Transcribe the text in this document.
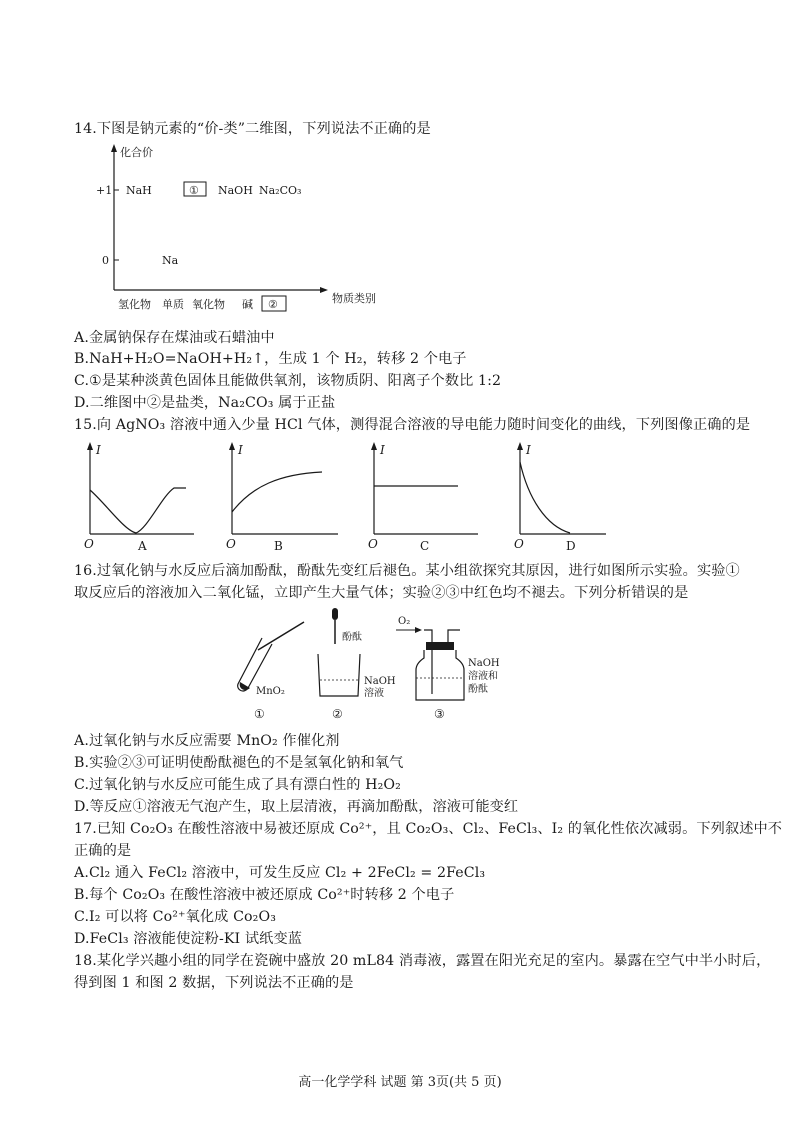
14.下图是钠元素的“价-类”二维图，下列说法不正确的是
化合价
物质类别
+1
0
NaH	① NaOH Na₂CO₃
Na
氢化物 单质 氧化物 碱 ②
A.金属钠保存在煤油或石蜡油中
B.NaH+H₂O=NaOH+H₂↑，生成 1 个 H₂，转移 2 个电子
C.①是某种淡黄色固体且能做供氧剂，该物质阴、阳离子个数比 1:2
D.二维图中②是盐类，Na₂CO₃ 属于正盐
15.向 AgNO₃ 溶液中通入少量 HCl 气体，测得混合溶液的导电能力随时间变化的曲线，下列图像正确的是
I
O	A
I
O	B
I
O	C
I
O	D
16.过氧化钠与水反应后滴加酚酞，酚酞先变红后褪色。某小组欲探究其原因，进行如图所示实验。实验①
取反应后的溶液加入二氧化锰，立即产生大量气体；实验②③中红色均不褪去。下列分析错误的是
MnO₂
①
酚酞
NaOH
溶液
②
O₂
NaOH
溶液和
酚酞
③
A.过氧化钠与水反应需要 MnO₂ 作催化剂
B.实验②③可证明使酚酞褪色的不是氢氧化钠和氧气
C.过氧化钠与水反应可能生成了具有漂白性的 H₂O₂
D.等反应①溶液无气泡产生，取上层清液，再滴加酚酞，溶液可能变红
17.已知 Co₂O₃ 在酸性溶液中易被还原成 Co²⁺，且 Co₂O₃、Cl₂、FeCl₃、I₂ 的氧化性依次减弱。下列叙述中不
正确的是
A.Cl₂ 通入 FeCl₂ 溶液中，可发生反应 Cl₂ + 2FeCl₂ = 2FeCl₃
B.每个 Co₂O₃ 在酸性溶液中被还原成 Co²⁺时转移 2 个电子
C.I₂ 可以将 Co²⁺氧化成 Co₂O₃
D.FeCl₃ 溶液能使淀粉-KI 试纸变蓝
18.某化学兴趣小组的同学在瓷碗中盛放 20 mL84 消毒液，露置在阳光充足的室内。暴露在空气中半小时后，
得到图 1 和图 2 数据，下列说法不正确的是
高一化学学科 试题 第 3页(共 5 页)
